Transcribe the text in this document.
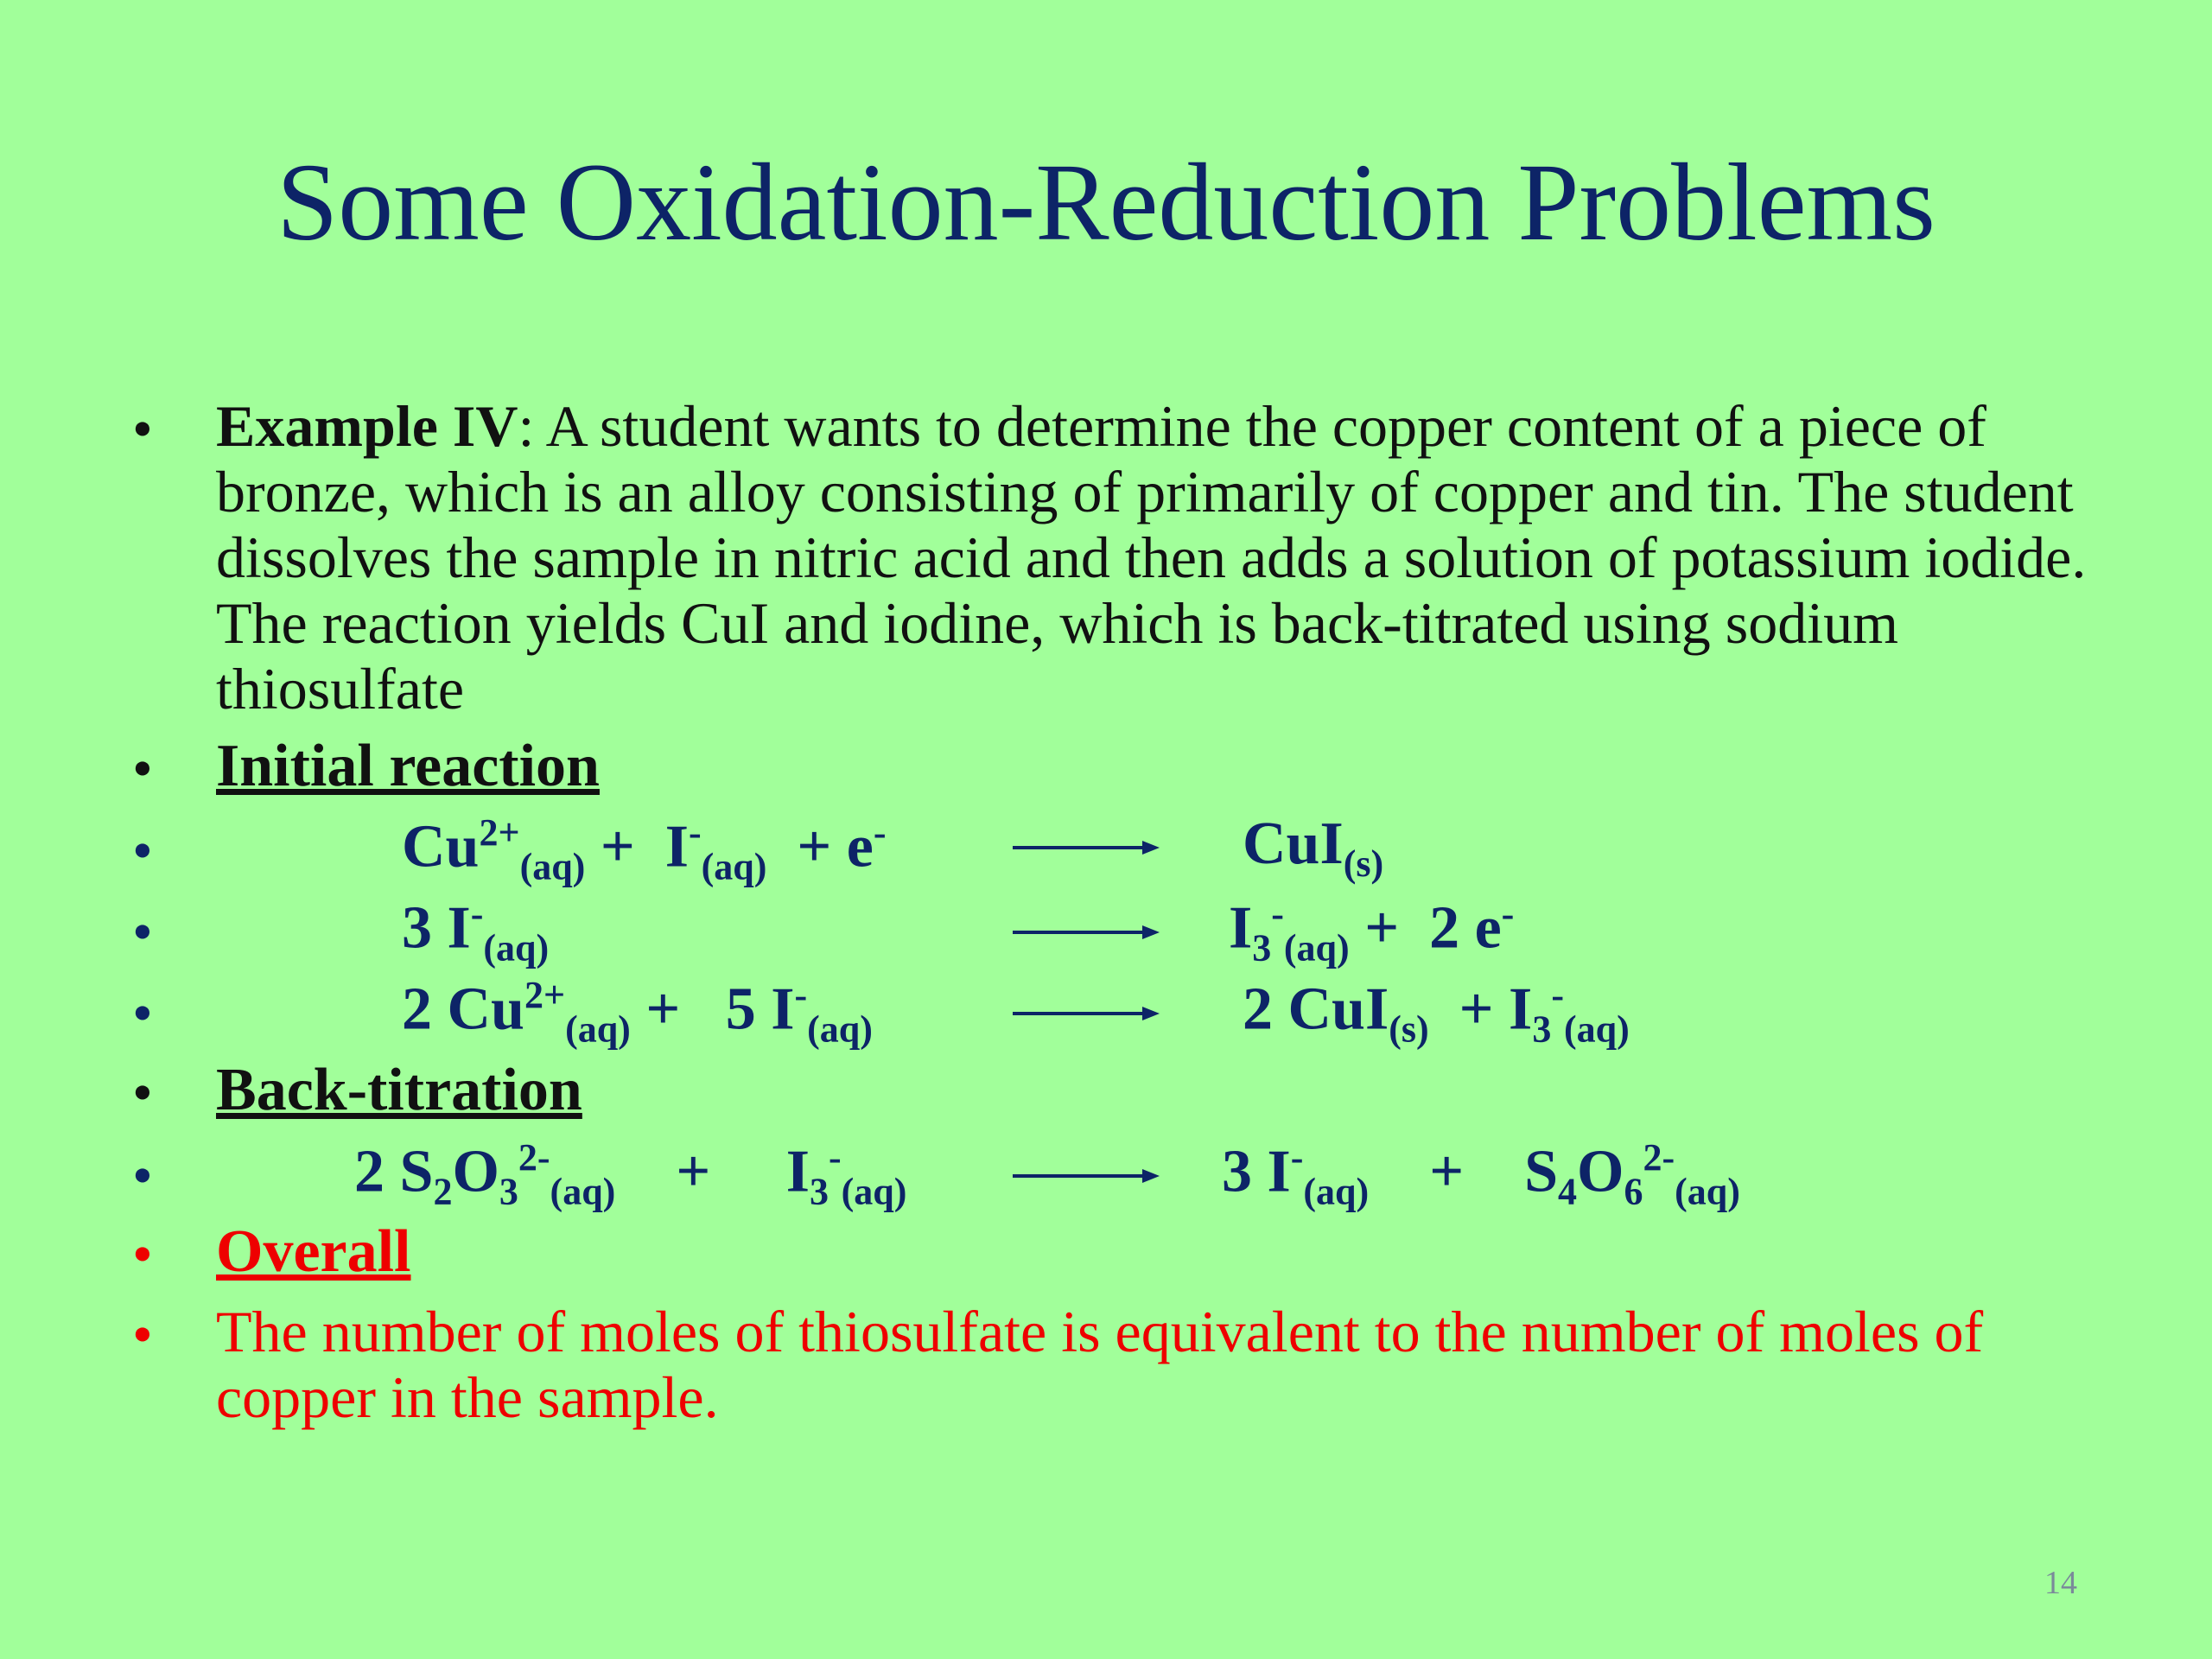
Some Oxidation-Reduction Problems
• Example IV: A student wants to determine the copper content of a piece of bronze, which is an alloy consisting of primarily of copper and tin. The student dissolves the sample in nitric acid and then adds a solution of potassium iodide. The reaction yields CuI and iodine, which is back-titrated using sodium thiosulfate
• Initial reaction
•	$Cu^{2+}_{(aq)} + I^-_{(aq)} + e^-$	CuI$_{(s)}$
•	3 $I^-_{(aq)}$	$I_3^-_{(aq)} + 2$ e-
•	2 $Cu^{2+}_{(aq)} + 5$ $I^-_{(aq)}$	2 $CuI_{(s)} + I_3^-_{(aq)}$
• Back-titration
•	2 $S_2O_3^{2-}_{(aq)} + I_3^-_{(aq)}$	3 $I^-_{(aq)} + S_4O_6^{2-}_{(aq)}$
• Overall
• The number of moles of thiosulfate is equivalent to the number of moles of
copper in the sample.
14
